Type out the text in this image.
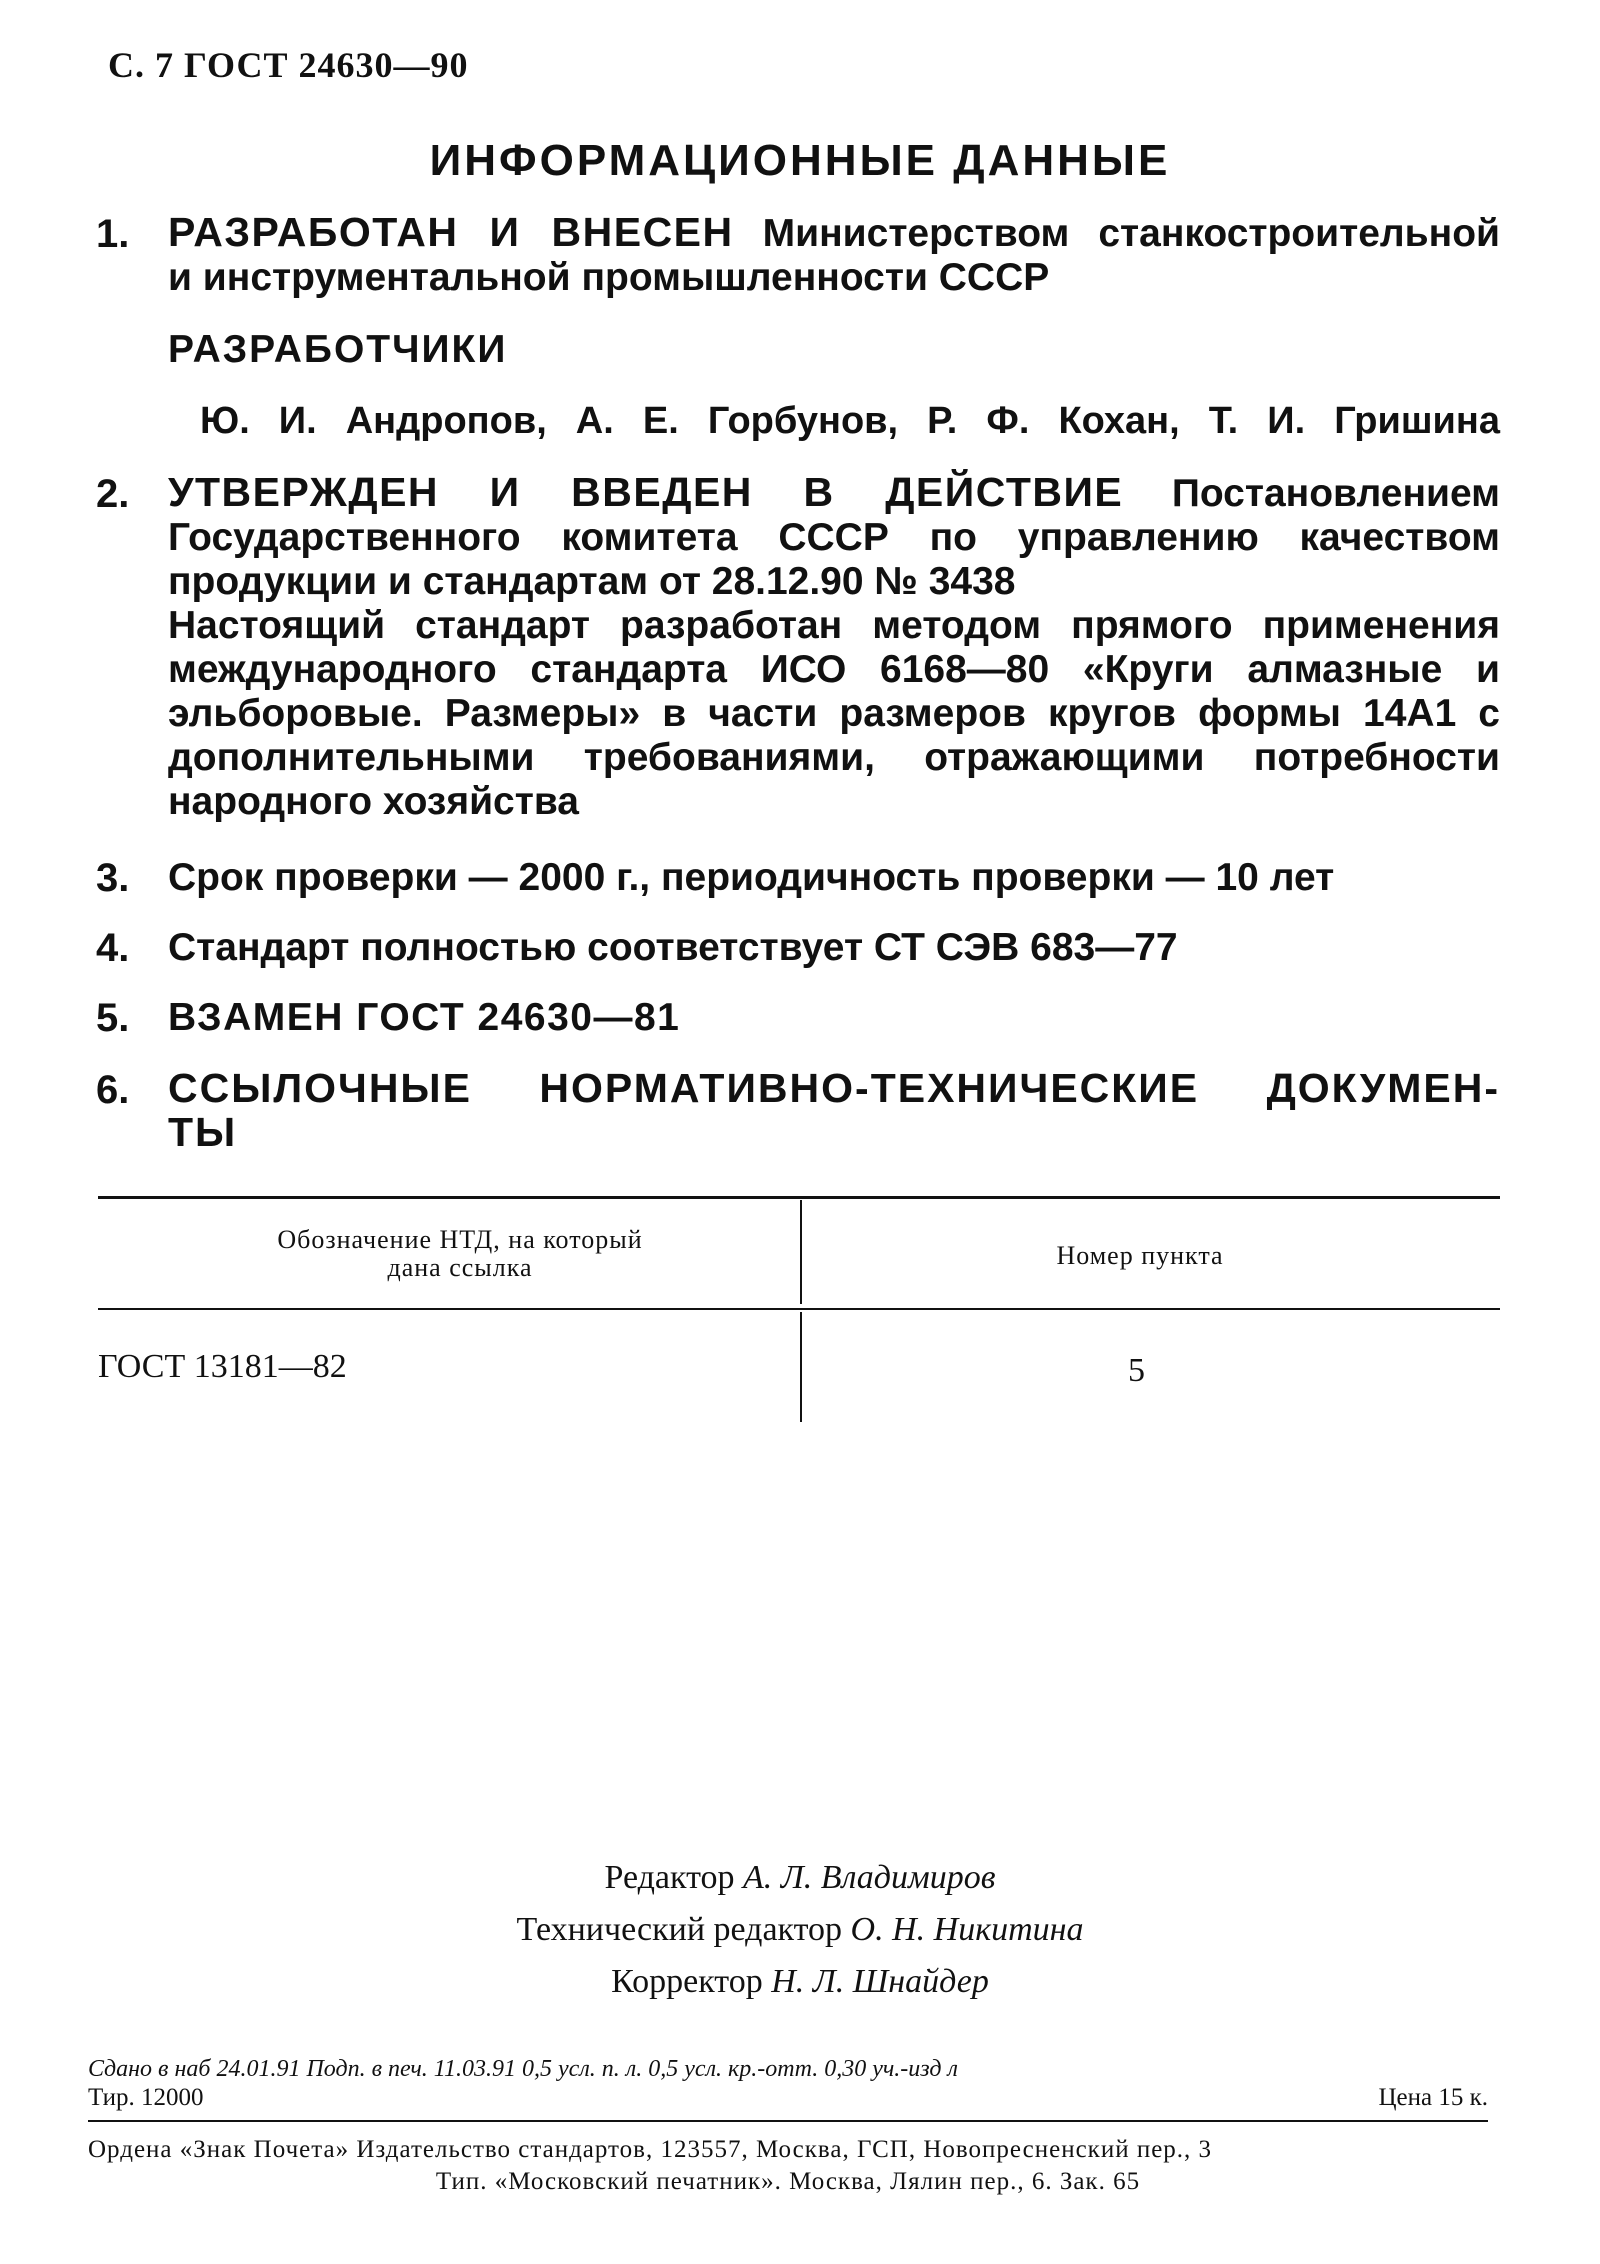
С. 7 ГОСТ 24630—90
ИНФОРМАЦИОННЫЕ ДАННЫЕ
1. РАЗРАБОТАН И ВНЕСЕН Министерством станкостроительной
и инструментальной промышленности СССР
РАЗРАБОТЧИКИ
Ю. И. Андропов, А. Е. Горбунов, Р. Ф. Кохан, Т. И. Гришина
2. УТВЕРЖДЕН И ВВЕДЕН В ДЕЙСТВИЕ Постановлением
Государственного комитета СССР по управлению качеством
продукции и стандартам от 28.12.90 № 3438
Настоящий стандарт разработан методом прямого применения
международного стандарта ИСО 6168—80 «Круги алмазные и
эльборовые. Размеры» в части размеров кругов формы 14А1 с
дополнительными требованиями, отражающими потребности
народного хозяйства
3. Срок проверки — 2000 г., периодичность проверки — 10 лет
4. Стандарт полностью соответствует СТ СЭВ 683—77
5. ВЗАМЕН ГОСТ 24630—81
6. ССЫЛОЧНЫЕ НОРМАТИВНО-ТЕХНИЧЕСКИЕ ДОКУМЕН-
ТЫ
Обозначение НТД, на который
дана ссылка	Номер пункта
ГОСТ 13181—82	5
Редактор А. Л. Владимиров
Технический редактор О. Н. Никитина
Корректор Н. Л. Шнайдер
Сдано в наб 24.01.91 Подп. в печ. 11.03.91 0,5 усл. п. л. 0,5 усл. кр.-отт. 0,30 уч.-изд л
Тир. 12000	Цена 15 к.
Ордена «Знак Почета» Издательство стандартов, 123557, Москва, ГСП, Новопресненский пер., 3
Тип. «Московский печатник». Москва, Лялин пер., 6. Зак. 65
